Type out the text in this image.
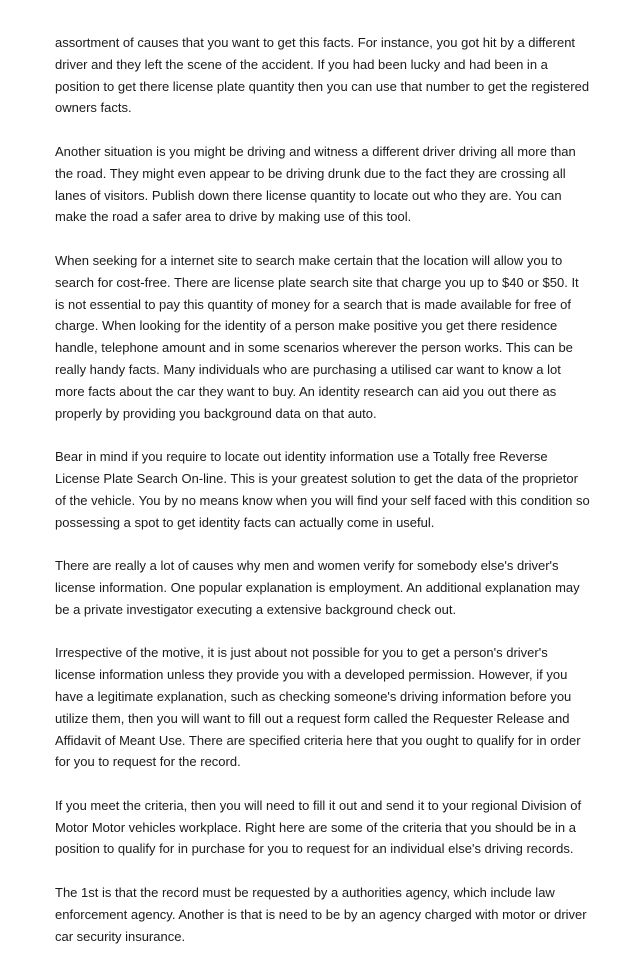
assortment of causes that you want to get this facts. For instance, you got hit by a different
driver and they left the scene of the accident. If you had been lucky and had been in a
position to get there license plate quantity then you can use that number to get the registered
owners facts.

Another situation is you might be driving and witness a different driver driving all more than
the road. They might even appear to be driving drunk due to the fact they are crossing all
lanes of visitors. Publish down there license quantity to locate out who they are. You can
make the road a safer area to drive by making use of this tool.

When seeking for a internet site to search make certain that the location will allow you to
search for cost-free. There are license plate search site that charge you up to $40 or $50. It
is not essential to pay this quantity of money for a search that is made available for free of
charge. When looking for the identity of a person make positive you get there residence
handle, telephone amount and in some scenarios wherever the person works. This can be
really handy facts. Many individuals who are purchasing a utilised car want to know a lot
more facts about the car they want to buy. An identity research can aid you out there as
properly by providing you background data on that auto.

Bear in mind if you require to locate out identity information use a Totally free Reverse
License Plate Search On-line. This is your greatest solution to get the data of the proprietor
of the vehicle. You by no means know when you will find your self faced with this condition so
possessing a spot to get identity facts can actually come in useful.

There are really a lot of causes why men and women verify for somebody else's driver's
license information. One popular explanation is employment. An additional explanation may
be a private investigator executing a extensive background check out.

Irrespective of the motive, it is just about not possible for you to get a person's driver's
license information unless they provide you with a developed permission. However, if you
have a legitimate explanation, such as checking someone's driving information before you
utilize them, then you will want to fill out a request form called the Requester Release and
Affidavit of Meant Use. There are specified criteria here that you ought to qualify for in order
for you to request for the record.

If you meet the criteria, then you will need to fill it out and send it to your regional Division of
Motor Motor vehicles workplace. Right here are some of the criteria that you should be in a
position to qualify for in purchase for you to request for an individual else's driving records.

The 1st is that the record must be requested by a authorities agency, which include law
enforcement agency. Another is that is need to be by an agency charged with motor or driver
car security insurance.
